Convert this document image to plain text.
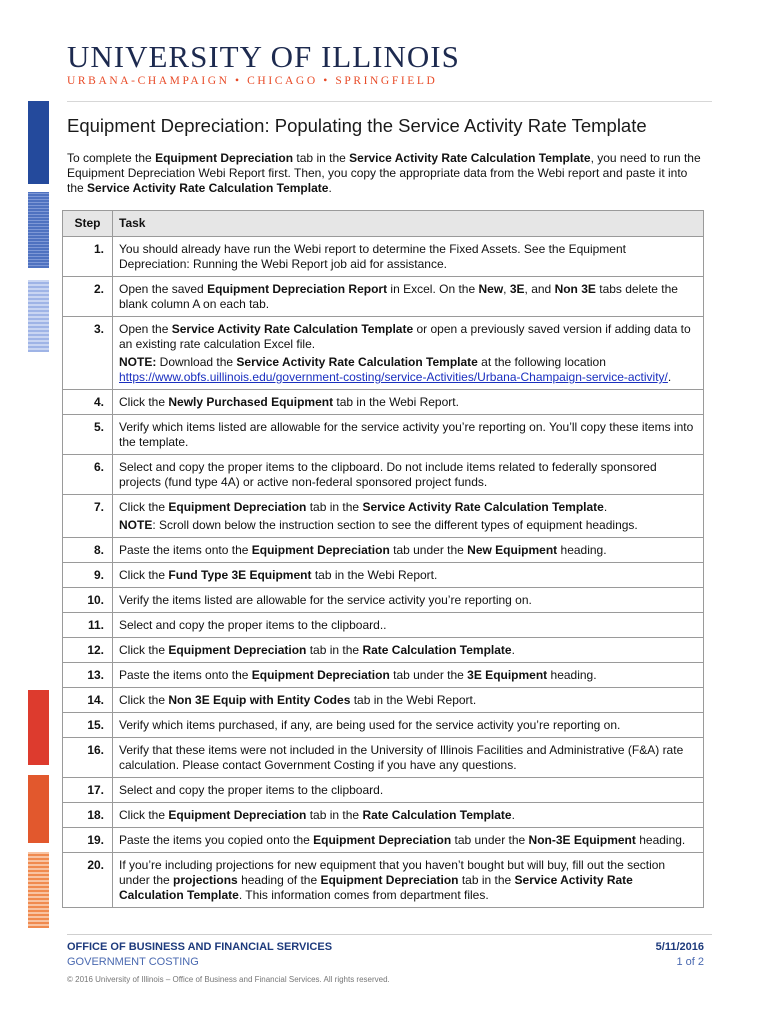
UNIVERSITY OF ILLINOIS
URBANA-CHAMPAIGN • CHICAGO • SPRINGFIELD
Equipment Depreciation: Populating the Service Activity Rate Template

To complete the Equipment Depreciation tab in the Service Activity Rate Calculation Template, you need to run the Equipment Depreciation Webi Report first. Then, you copy the appropriate data from the Webi report and paste it into the Service Activity Rate Calculation Template.

Step	Task
1.	You should already have run the Webi report to determine the Fixed Assets. See the Equipment Depreciation: Running the Webi Report job aid for assistance.

2.	Open the saved Equipment Depreciation Report in Excel. On the New, 3E, and Non 3E tabs delete the blank column A on each tab.

3.	Open the Service Activity Rate Calculation Template or open a previously saved version if adding data to an existing rate calculation Excel file.

NOTE: Download the Service Activity Rate Calculation Template at the following location https://www.obfs.uillinois.edu/government-costing/service-Activities/Urbana-Champaign-service-activity/.

4.	Click the Newly Purchased Equipment tab in the Webi Report.

5.	Verify which items listed are allowable for the service activity you’re reporting on. You’ll copy these items into the template.

6.	Select and copy the proper items to the clipboard. Do not include items related to federally sponsored projects (fund type 4A) or active non-federal sponsored project funds.

7.	Click the Equipment Depreciation tab in the Service Activity Rate Calculation Template.

NOTE: Scroll down below the instruction section to see the different types of equipment headings.

8.	Paste the items onto the Equipment Depreciation tab under the New Equipment heading.

9.	Click the Fund Type 3E Equipment tab in the Webi Report.

10.	Verify the items listed are allowable for the service activity you’re reporting on.

11.	Select and copy the proper items to the clipboard..

12.	Click the Equipment Depreciation tab in the Rate Calculation Template.

13.	Paste the items onto the Equipment Depreciation tab under the 3E Equipment heading.

14.	Click the Non 3E Equip with Entity Codes tab in the Webi Report.

15.	Verify which items purchased, if any, are being used for the service activity you’re reporting on.

16.	Verify that these items were not included in the University of Illinois Facilities and Administrative (F&A) rate calculation. Please contact Government Costing if you have any questions.

17.	Select and copy the proper items to the clipboard.

18.	Click the Equipment Depreciation tab in the Rate Calculation Template.

19.	Paste the items you copied onto the Equipment Depreciation tab under the Non-3E Equipment heading.

20.	If you’re including projections for new equipment that you haven’t bought but will buy, fill out the section under the projections heading of the Equipment Depreciation tab in the Service Activity Rate Calculation Template. This information comes from department files.

OFFICE OF BUSINESS AND FINANCIAL SERVICES
GOVERNMENT COSTING
5/11/2016
1 of 2
© 2016 University of Illinois – Office of Business and Financial Services. All rights reserved.
